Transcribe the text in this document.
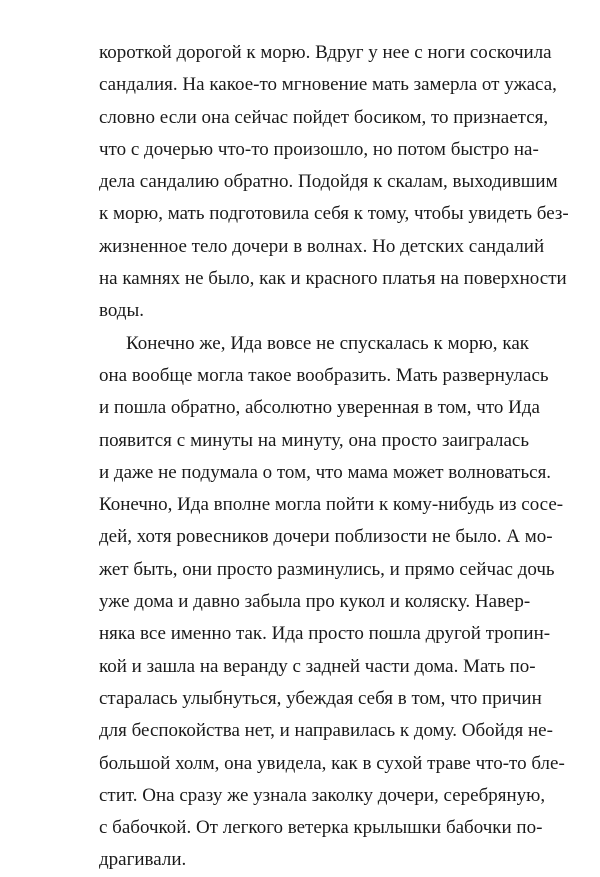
короткой дорогой к морю. Вдруг у нее с ноги соскочила
сандалия. На какое-то мгновение мать замерла от ужаса,
словно если она сейчас пойдет босиком, то признается,
что с дочерью что-то произошло, но потом быстро на-
дела сандалию обратно. Подойдя к скалам, выходившим
к морю, мать подготовила себя к тому, чтобы увидеть без-
жизненное тело дочери в волнах. Но детских сандалий
на камнях не было, как и красного платья на поверхности
воды.
Конечно же, Ида вовсе не спускалась к морю, как
она вообще могла такое вообразить. Мать развернулась
и пошла обратно, абсолютно уверенная в том, что Ида
появится с минуты на минуту, она просто заигралась
и даже не подумала о том, что мама может волноваться.
Конечно, Ида вполне могла пойти к кому-нибудь из сосе-
дей, хотя ровесников дочери поблизости не было. А мо-
жет быть, они просто разминулись, и прямо сейчас дочь
уже дома и давно забыла про кукол и коляску. Навер-
няка все именно так. Ида просто пошла другой тропин-
кой и зашла на веранду с задней части дома. Мать по-
старалась улыбнуться, убеждая себя в том, что причин
для беспокойства нет, и направилась к дому. Обойдя не-
большой холм, она увидела, как в сухой траве что-то бле-
стит. Она сразу же узнала заколку дочери, серебряную,
с бабочкой. От легкого ветерка крылышки бабочки по-
драгивали.
